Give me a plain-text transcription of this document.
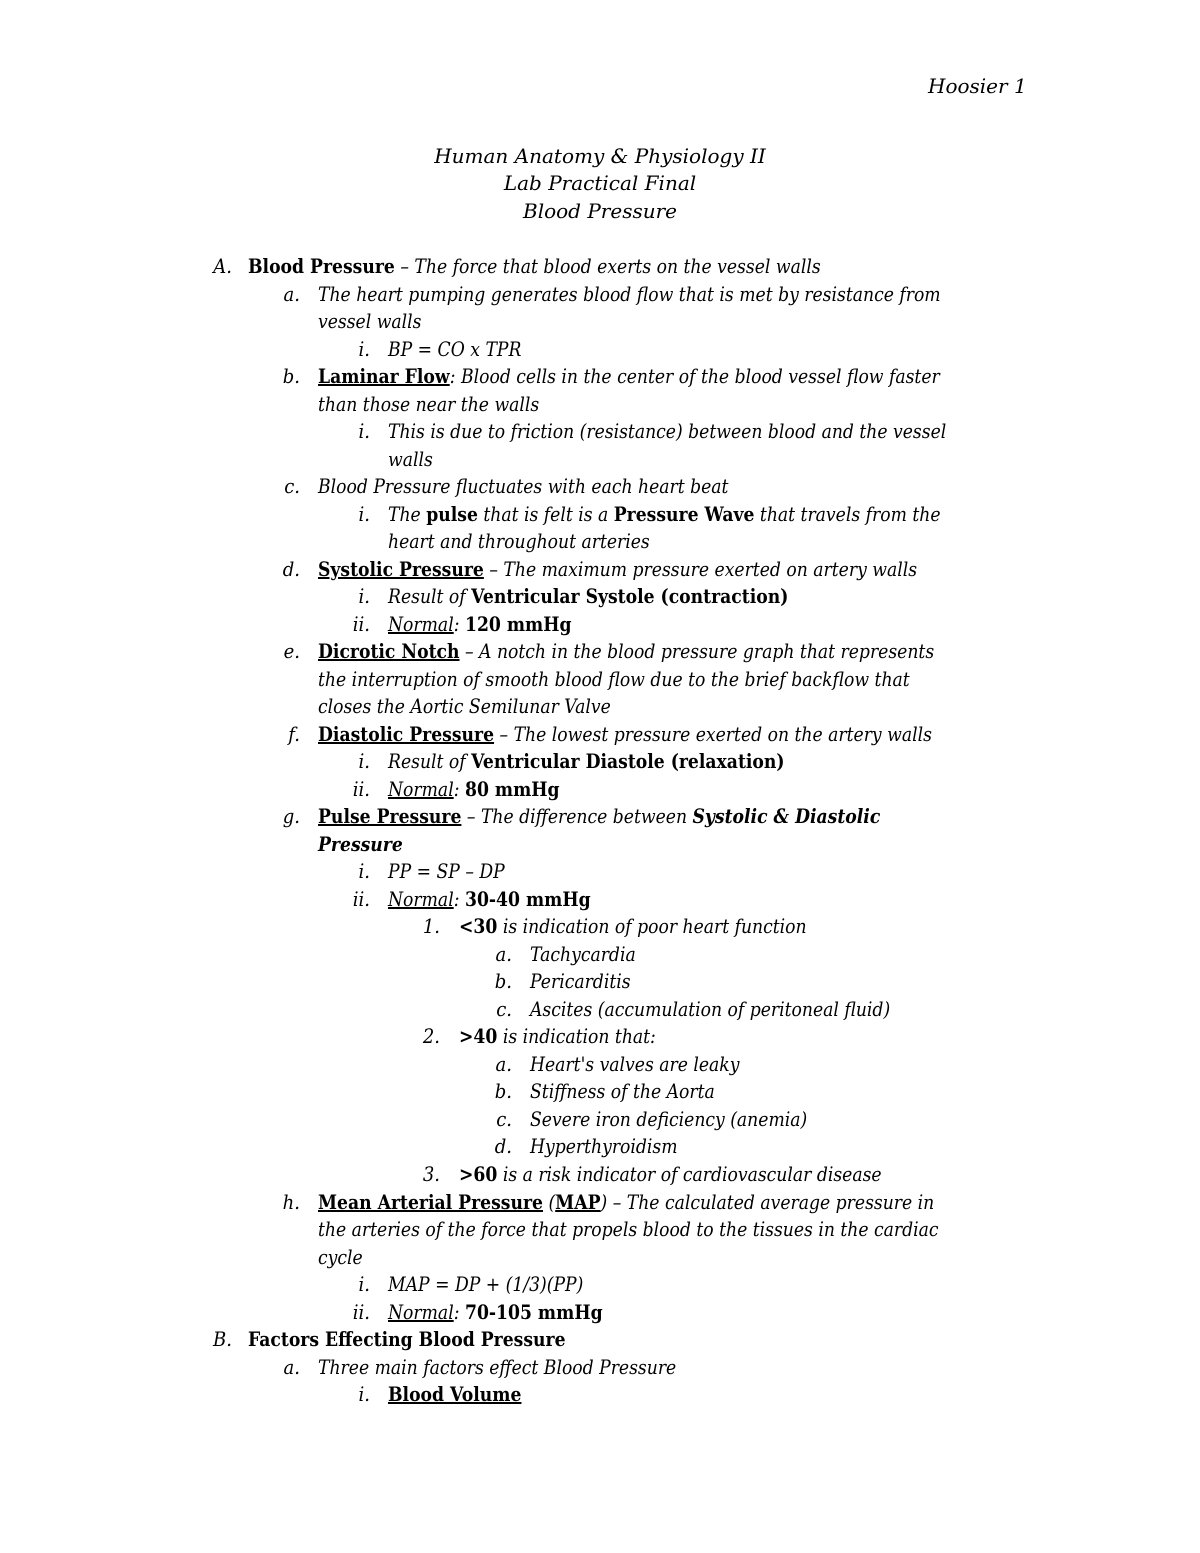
Hoosier 1
Human Anatomy & Physiology II
Lab Practical Final
Blood Pressure
A. Blood Pressure – The force that blood exerts on the vessel walls
a. The heart pumping generates blood flow that is met by resistance from
vessel walls
i. BP = CO x TPR
b. Laminar Flow: Blood cells in the center of the blood vessel flow faster
than those near the walls
i. This is due to friction (resistance) between blood and the vessel
walls
c. Blood Pressure fluctuates with each heart beat
i. The pulse that is felt is a Pressure Wave that travels from the
heart and throughout arteries
d. Systolic Pressure – The maximum pressure exerted on artery walls
i. Result of Ventricular Systole (contraction)
ii. Normal: 120 mmHg
e. Dicrotic Notch – A notch in the blood pressure graph that represents
the interruption of smooth blood flow due to the brief backflow that
closes the Aortic Semilunar Valve
f. Diastolic Pressure – The lowest pressure exerted on the artery walls
i. Result of Ventricular Diastole (relaxation)
ii. Normal: 80 mmHg
g. Pulse Pressure – The difference between Systolic & Diastolic
Pressure
i. PP = SP – DP
ii. Normal: 30-40 mmHg
1. <30 is indication of poor heart function
a. Tachycardia
b. Pericarditis
c. Ascites (accumulation of peritoneal fluid)
2. >40 is indication that:
a. Heart's valves are leaky
b. Stiffness of the Aorta
c. Severe iron deficiency (anemia)
d. Hyperthyroidism
3. >60 is a risk indicator of cardiovascular disease
h. Mean Arterial Pressure (MAP) – The calculated average pressure in
the arteries of the force that propels blood to the tissues in the cardiac
cycle
i. MAP = DP + (1/3)(PP)
ii. Normal: 70-105 mmHg
B. Factors Effecting Blood Pressure
a. Three main factors effect Blood Pressure
i. Blood Volume
